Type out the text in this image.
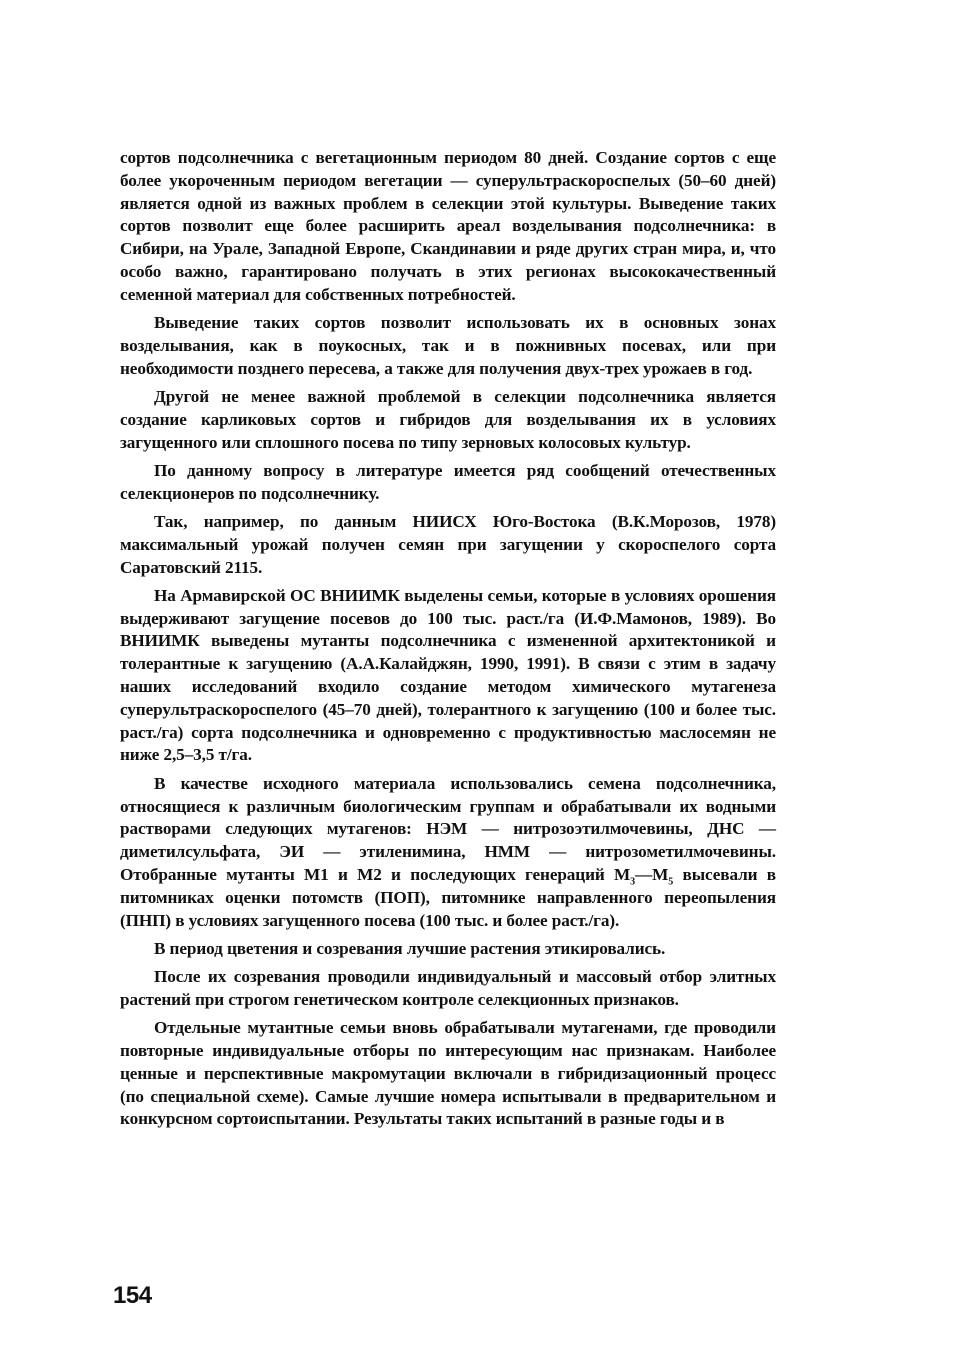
сортов подсолнечника с вегетационным периодом 80 дней. Создание сортов с еще более укороченным периодом вегетации — суперультраскороспелых (50–60 дней) является одной из важных проблем в селекции этой культуры. Выведение таких сортов позволит еще более расширить ареал возделывания подсолнечника: в Сибири, на Урале, Западной Европе, Скандинавии и ряде других стран мира, и, что особо важно, гарантировано получать в этих регионах высококачественный семенной материал для собственных потребностей.

Выведение таких сортов позволит использовать их в основных зонах возделывания, как в поукосных, так и в пожнивных посевах, или при необходимости позднего пересева, а также для получения двух-трех урожаев в год.

Другой не менее важной проблемой в селекции подсолнечника является создание карликовых сортов и гибридов для возделывания их в условиях загущенного или сплошного посева по типу зерновых колосовых культур.

По данному вопросу в литературе имеется ряд сообщений отечественных селекционеров по подсолнечнику.

Так, например, по данным НИИСХ Юго-Востока (В.К.Морозов, 1978) максимальный урожай получен семян при загущении у скороспелого сорта Саратовский 2115.

На Армавирской ОС ВНИИМК выделены семьи, которые в условиях орошения выдерживают загущение посевов до 100 тыс. раст./га (И.Ф.Мамонов, 1989). Во ВНИИМК выведены мутанты подсолнечника с измененной архитектоникой и толерантные к загущению (А.А.Калайджян, 1990, 1991). В связи с этим в задачу наших исследований входило создание методом химического мутагенеза суперультраскороспелого (45–70 дней), толерантного к загущению (100 и более тыс. раст./га) сорта подсолнечника и одновременно с продуктивностью маслосемян не ниже 2,5–3,5 т/га.

В качестве исходного материала использовались семена подсолнечника, относящиеся к различным биологическим группам и обрабатывали их водными растворами следующих мутагенов: НЭМ — нитрозоэтилмочевины, ДНС — диметилсульфата, ЭИ — этиленимина, НММ — нитрозометилмочевины. Отобранные мутанты М1 и М2 и последующих генераций $М_3—М_5$ высевали в питомниках оценки потомств (ПОП), питомнике направленного переопыления (ПНП) в условиях загущенного посева (100 тыс. и более раст./га).

В период цветения и созревания лучшие растения этикировались.

После их созревания проводили индивидуальный и массовый отбор элитных растений при строгом генетическом контроле селекционных признаков.

Отдельные мутантные семьи вновь обрабатывали мутагенами, где проводили повторные индивидуальные отборы по интересующим нас признакам. Наиболее ценные и перспективные макромутации включали в гибридизационный процесс (по специальной схеме). Самые лучшие номера испытывали в предварительном и конкурсном сортоиспытании. Результаты таких испытаний в разные годы и в

154
